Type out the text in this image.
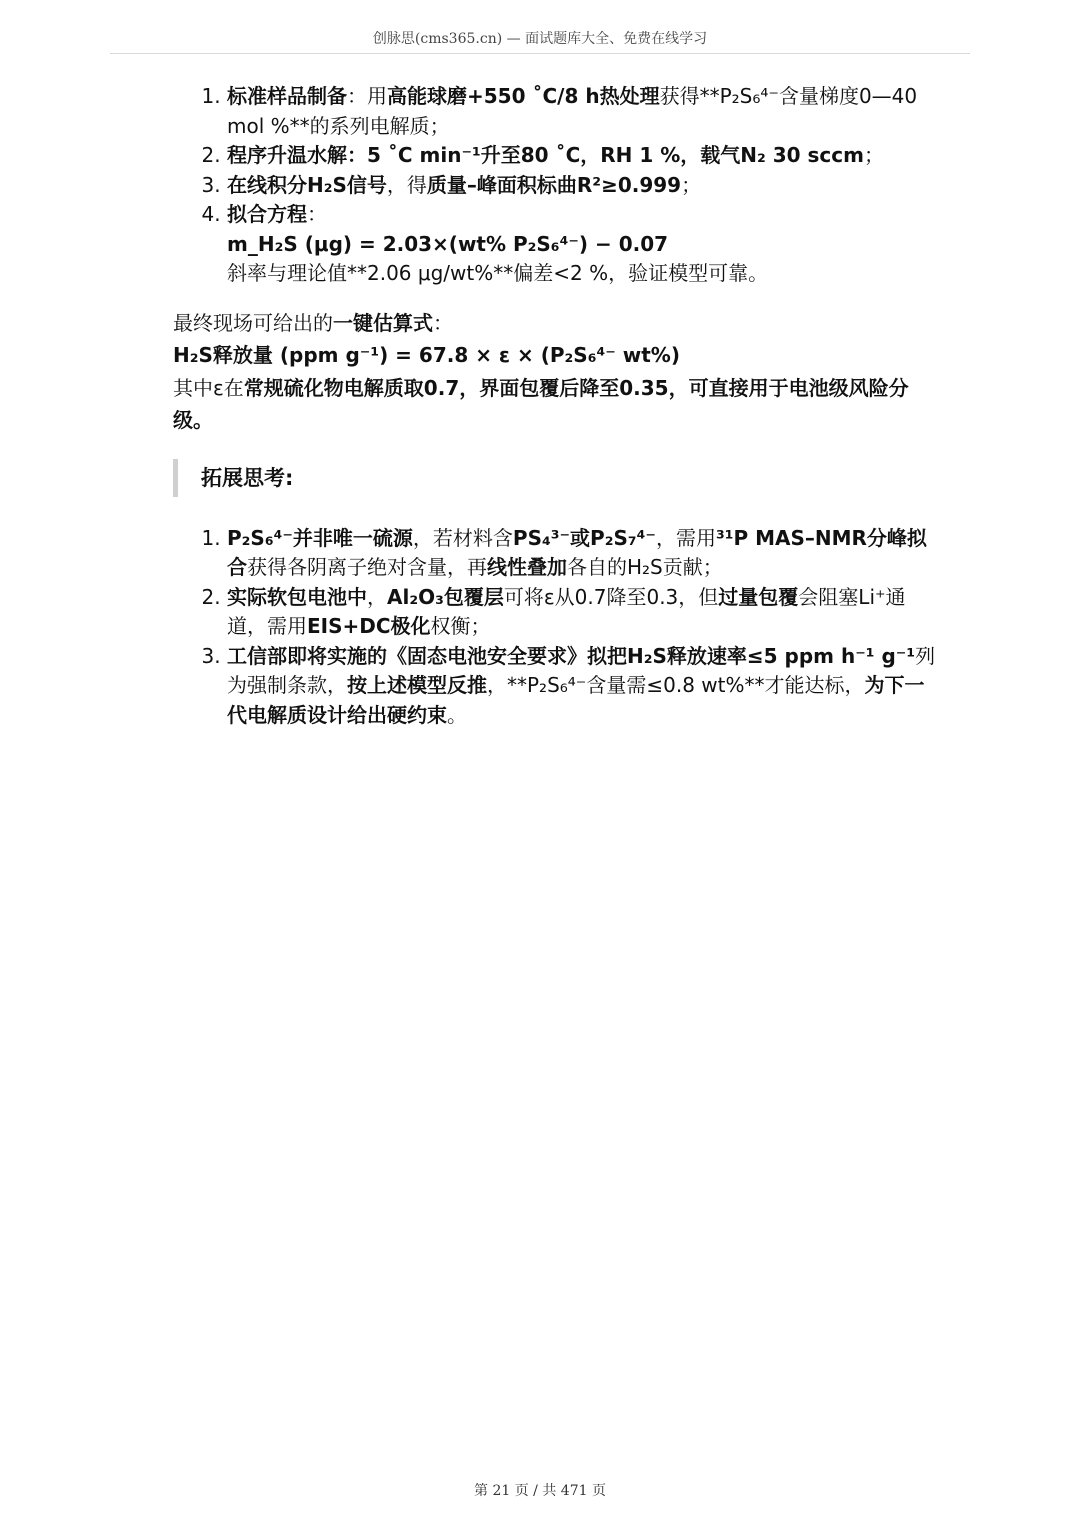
创脉思(cms365.cn) — 面试题库大全、免费在线学习
1. 标准样品制备：用高能球磨+550 ˚C/8 h热处理获得**P₂S₆⁴⁻含量梯度0—40 mol %**的系列电解质；
2. 程序升温水解：5 ˚C min⁻¹升至80 ˚C，RH 1 %，载气N₂ 30 sccm；
3. 在线积分H₂S信号，得质量–峰面积标曲R²≥0.999；
4. 拟合方程：
m_H₂S (μg) = 2.03×(wt% P₂S₆⁴⁻) − 0.07
斜率与理论值**2.06 μg/wt%**偏差<2 %，验证模型可靠。

最终现场可给出的一键估算式：

H₂S释放量 (ppm g⁻¹) = 67.8 × ε × (P₂S₆⁴⁻ wt%)

其中ε在常规硫化物电解质取0.7，界面包覆后降至0.35，可直接用于电池级风险分级。

拓展思考:
1. P₂S₆⁴⁻并非唯一硫源，若材料含PS₄³⁻或P₂S₇⁴⁻，需用³¹P MAS–NMR分峰拟合获得各阴离子绝对含量，再线性叠加各自的H₂S贡献；
2. 实际软包电池中，Al₂O₃包覆层可将ε从0.7降至0.3，但过量包覆会阻塞Li⁺通道，需用EIS+DC极化权衡；
3. 工信部即将实施的《固态电池安全要求》拟把H₂S释放速率≤5 ppm h⁻¹ g⁻¹列为强制条款，按上述模型反推，**P₂S₆⁴⁻含量需≤0.8 wt%**才能达标，为下一代电解质设计给出硬约束。
第 21 页 / 共 471 页
